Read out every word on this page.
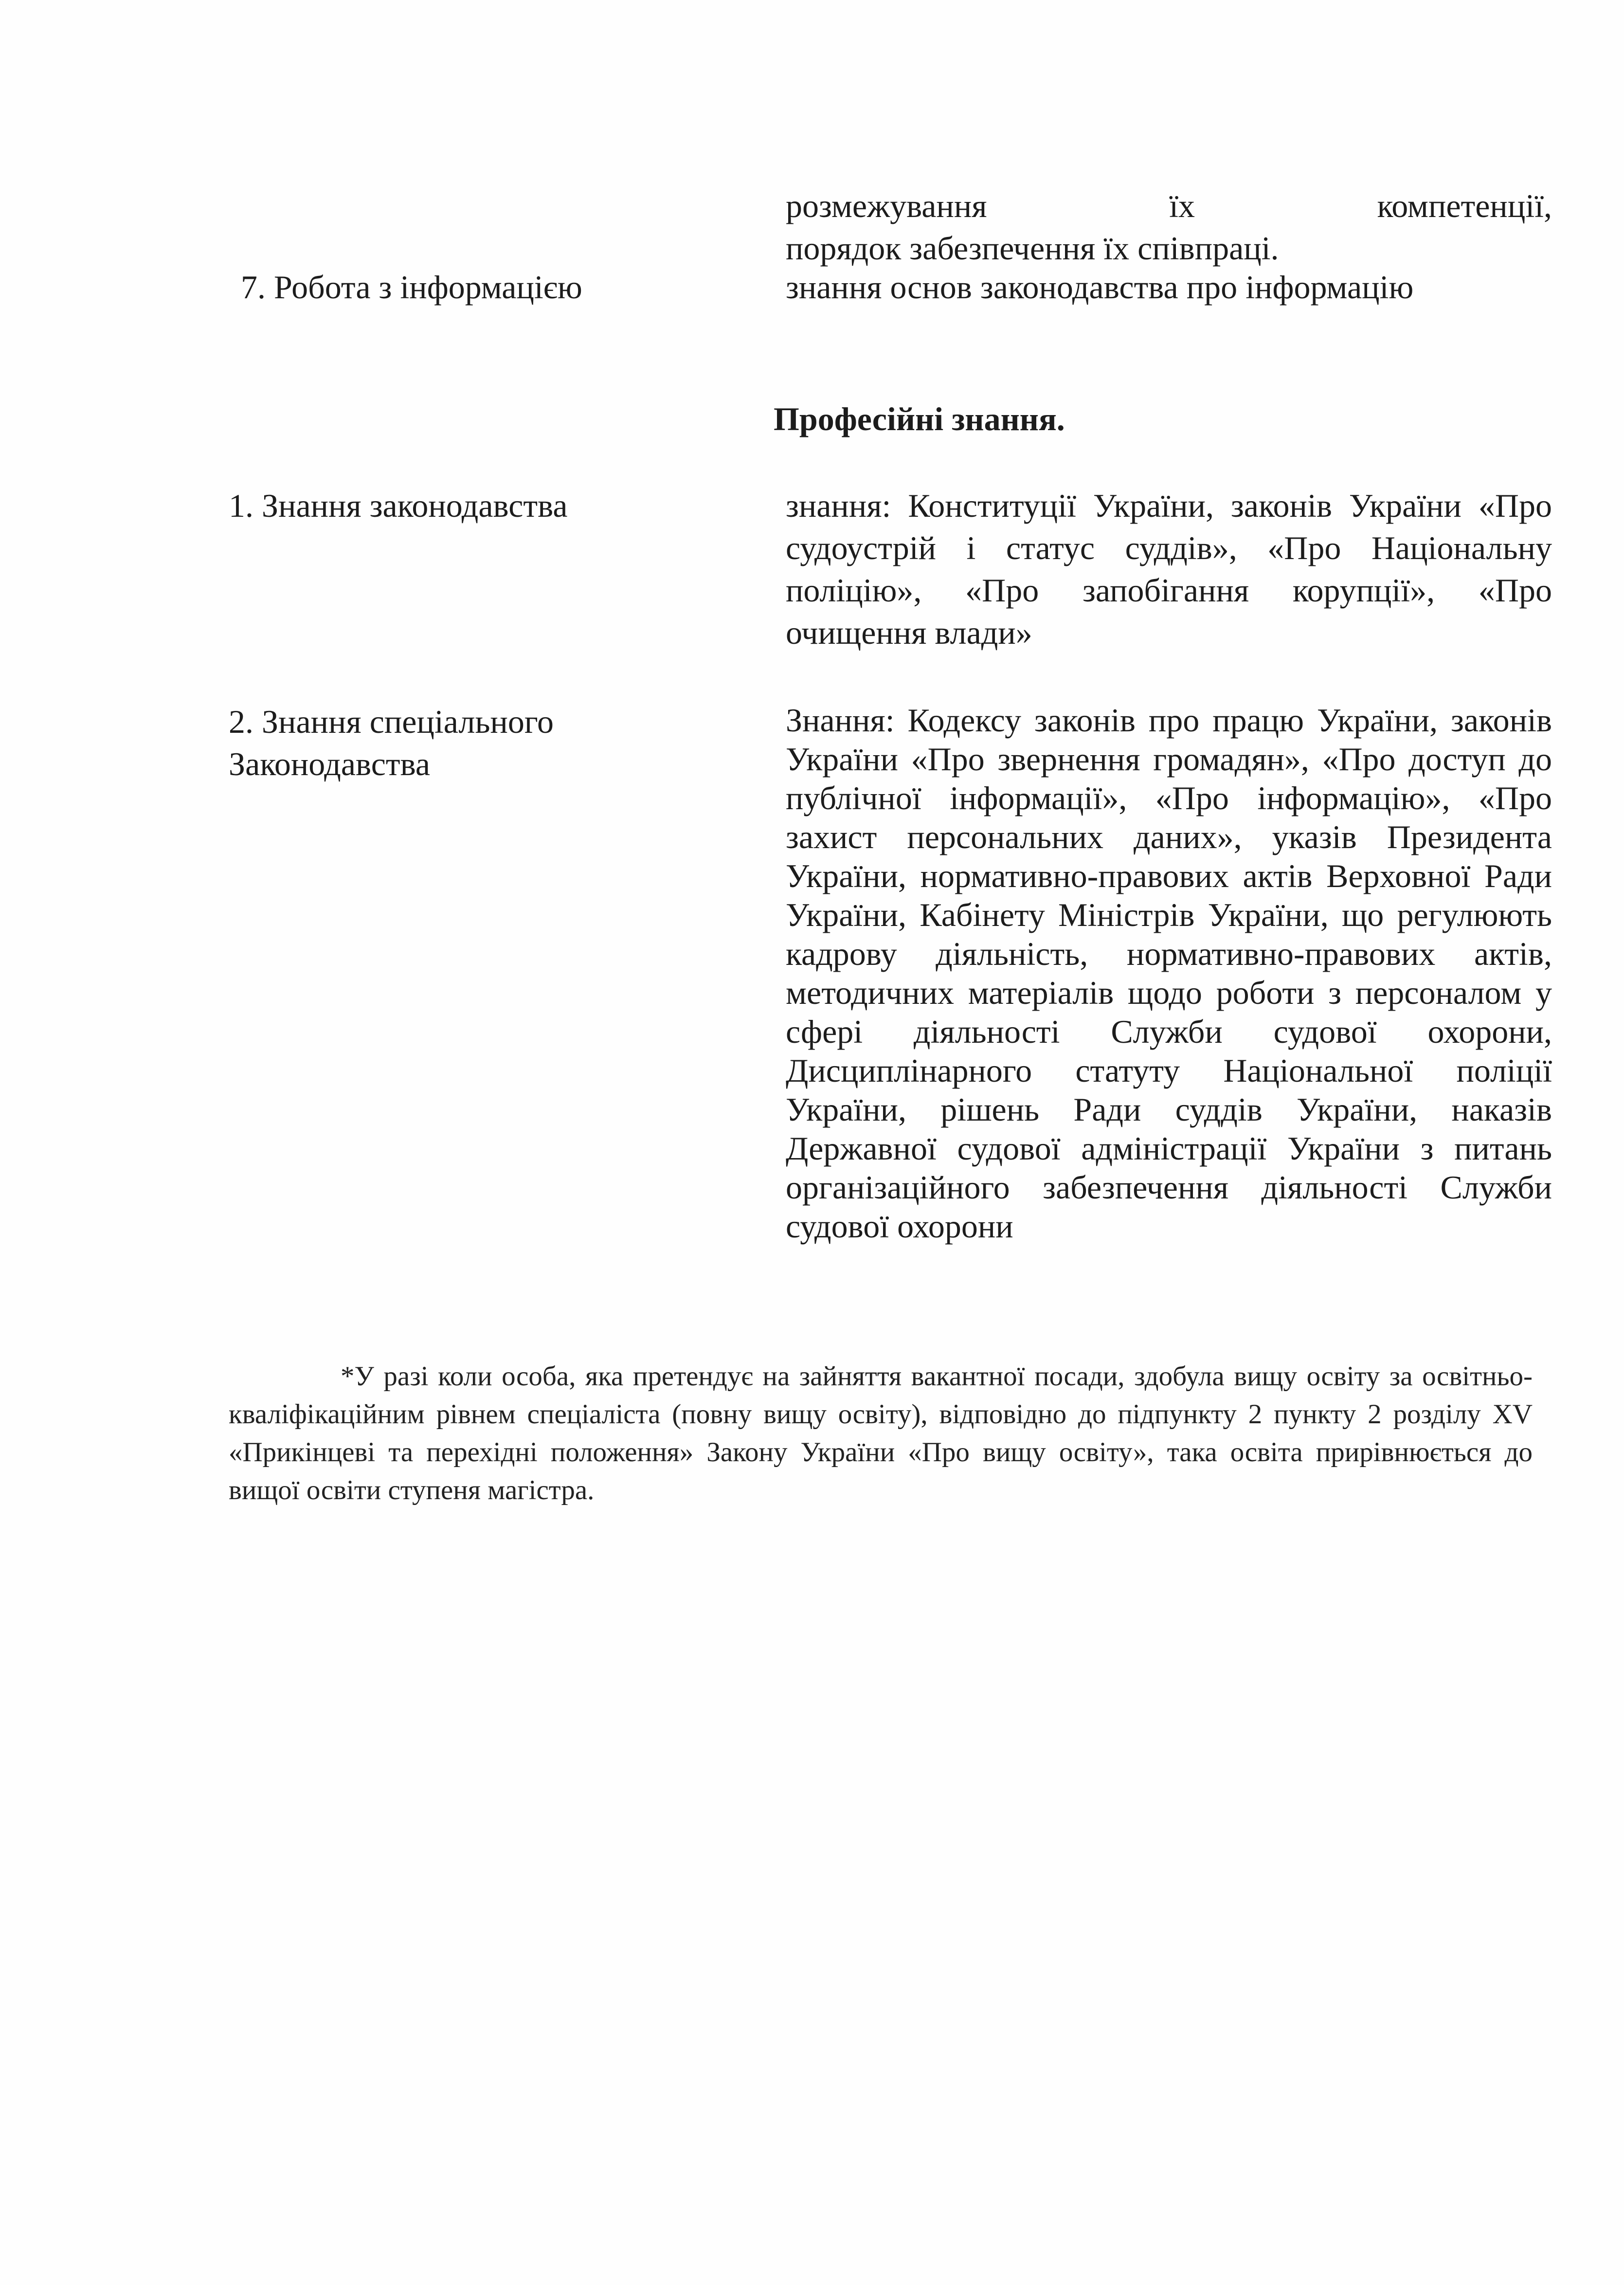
розмежування їх компетенції,
порядок забезпечення їх співпраці.
7. Робота з інформацією	знання основ законодавства про інформацію
Професійні знання.
1. Знання законодавства	знання: Конституції України, законів України «Про судоустрій і статус суддів», «Про Національну поліцію», «Про запобігання корупції», «Про очищення влади»
2. Знання спеціального
Законодавства
Знання: Кодексу законів про працю України, законів України «Про звернення громадян», «Про доступ до публічної інформації», «Про інформацію», «Про захист персональних даних», указів Президента України, нормативно-правових актів Верховної Ради України, Кабінету Міністрів України, що регулюють кадрову діяльність, нормативно-правових актів, методичних матеріалів щодо роботи з персоналом у сфері діяльності Служби судової охорони, Дисциплінарного статуту Національної поліції України, рішень Ради суддів України, наказів Державної судової адміністрації України з питань організаційного забезпечення діяльності Служби судової охорони
*У разі коли особа, яка претендує на зайняття вакантної посади, здобула вищу освіту за освітньо-кваліфікаційним рівнем спеціаліста (повну вищу освіту), відповідно до підпункту 2 пункту 2 розділу XV «Прикінцеві та перехідні положення» Закону України «Про вищу освіту», така освіта прирівнюється до вищої освіти ступеня магістра.
